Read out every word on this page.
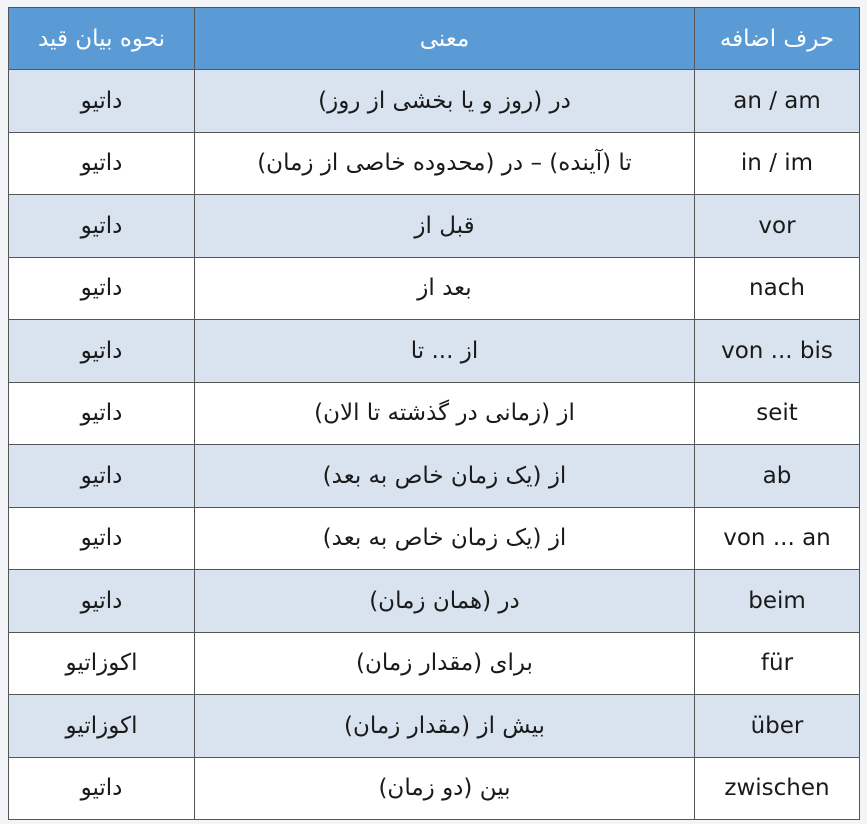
نحوه بیان قید	معنی	حرف اضافه
داتیو	در (روز و یا بخشی از روز)	an / am
داتیو	تا (آینده) – در (محدوده خاصی از زمان)	in / im
داتیو	قبل از	vor
داتیو	بعد از	nach
داتیو	از ... تا	von ... bis
داتیو	از (زمانی در گذشته تا الان)	seit
داتیو	از (یک زمان خاص به بعد)	ab
داتیو	از (یک زمان خاص به بعد)	von ... an
داتیو	در (همان زمان)	beim
اکوزاتیو	برای (مقدار زمان)	für
اکوزاتیو	بیش از (مقدار زمان)	über
داتیو	بین (دو زمان)	zwischen
